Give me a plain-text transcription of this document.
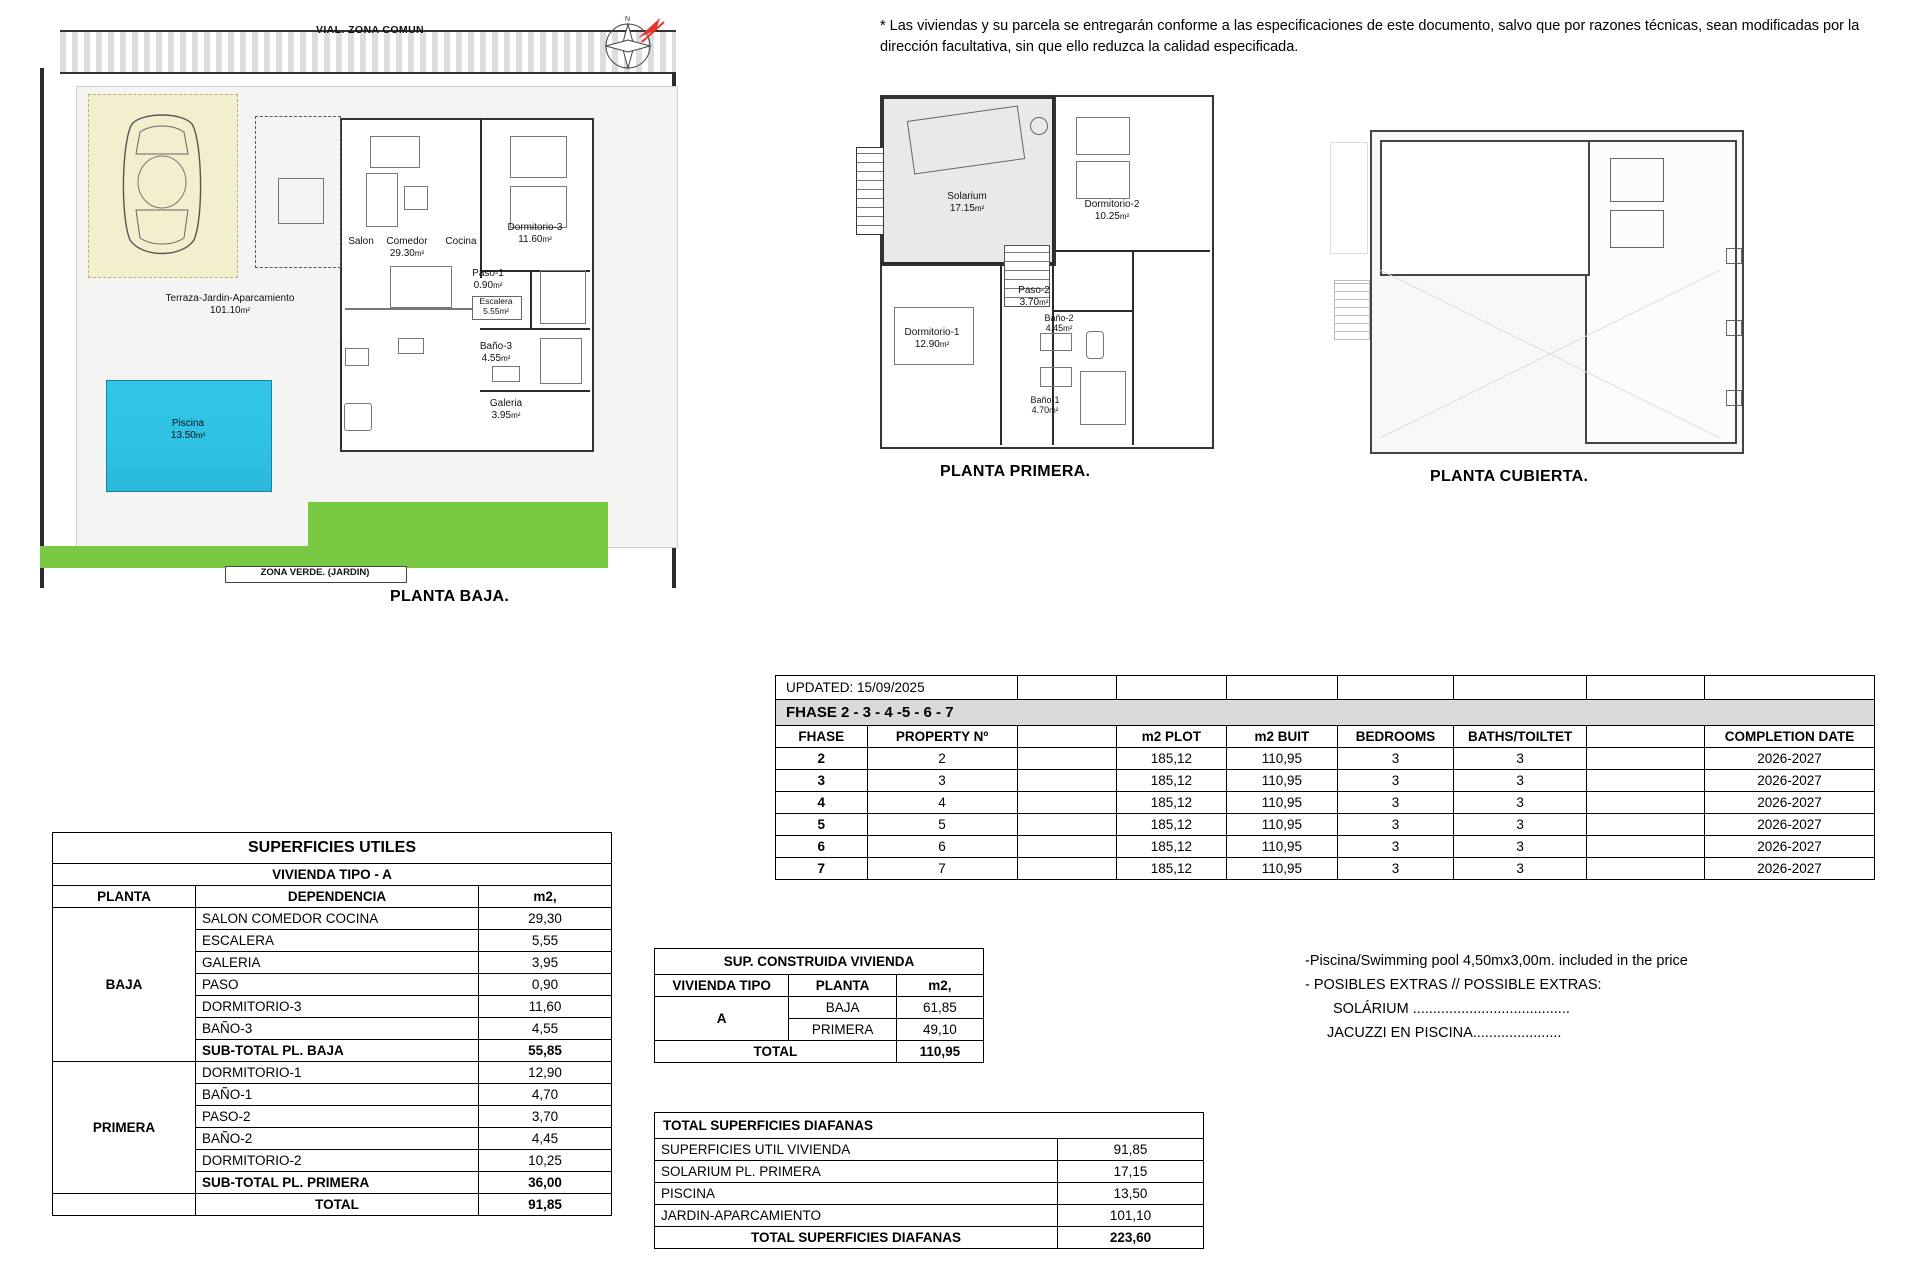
VIAL. ZONA COMUN
Terraza-Jardin-Aparcamiento
101.10m²
Piscina
13.50m²
ZONA VERDE. (JARDIN)
Salon	Comedor
29.30m²
Cocina
Dormitorio-3
11.60m²
Paso-1
0.90m²
Escalera
5.55m²
Baño-3
4.55m²
Galeria
3.95m²
PLANTA BAJA.
N	* Las viviendas y su parcela se entregarán conforme a las especificaciones de este documento, salvo que por razones técnicas, sean modificadas por la dirección facultativa, sin que ello reduzca la calidad especificada.
Solarium
17.15m²	Dormitorio-2
10.25m²
Paso-2
3.70m²
Dormitorio-1
12.90m²
Baño-2
4.45m²
Baño-1
4.70m²
PLANTA PRIMERA.	PLANTA CUBIERTA.
SUPERFICIES UTILES		
VIVIENDA TIPO - A		
PLANTA	DEPENDENCIA	m2,
BAJA	SALON COMEDOR COCINA	29,30
	ESCALERA	5,55
	GALERIA	3,95
	PASO	0,90
	DORMITORIO-3	11,60
	BAÑO-3	4,55
	SUB-TOTAL PL. BAJA	55,85
PRIMERA	DORMITORIO-1	12,90
	BAÑO-1	4,70
	PASO-2	3,70
	BAÑO-2	4,45
	DORMITORIO-2	10,25
	SUB-TOTAL PL. PRIMERA	36,00
	TOTAL	91,85
SUP. CONSTRUIDA VIVIENDA		
VIVIENDA TIPO	PLANTA	m2,
A	BAJA	61,85
	PRIMERA	49,10
TOTAL		110,95
TOTAL SUPERFICIES DIAFANAS	
SUPERFICIES UTIL VIVIENDA	91,85
SOLARIUM PL. PRIMERA	17,15
PISCINA	13,50
JARDIN-APARCAMIENTO	101,10
TOTAL SUPERFICIES DIAFANAS	223,60
UPDATED: 15/09/2025								
FHASE 2 - 3 - 4 -5 - 6 - 7								
FHASE	PROPERTY Nº		m2 PLOT	m2 BUIT	BEDROOMS	BATHS/TOILTET		COMPLETION DATE
2	2		185,12	110,95	3	3		2026-2027
3	3		185,12	110,95	3	3		2026-2027
4	4		185,12	110,95	3	3		2026-2027
5	5		185,12	110,95	3	3		2026-2027
6	6		185,12	110,95	3	3		2026-2027
7	7		185,12	110,95	3	3		2026-2027
-Piscina/Swimming pool 4,50mx3,00m. included in the price
- POSIBLES EXTRAS // POSSIBLE EXTRAS:
SOLÁRIUM .......................................
JACUZZI EN PISCINA......................
